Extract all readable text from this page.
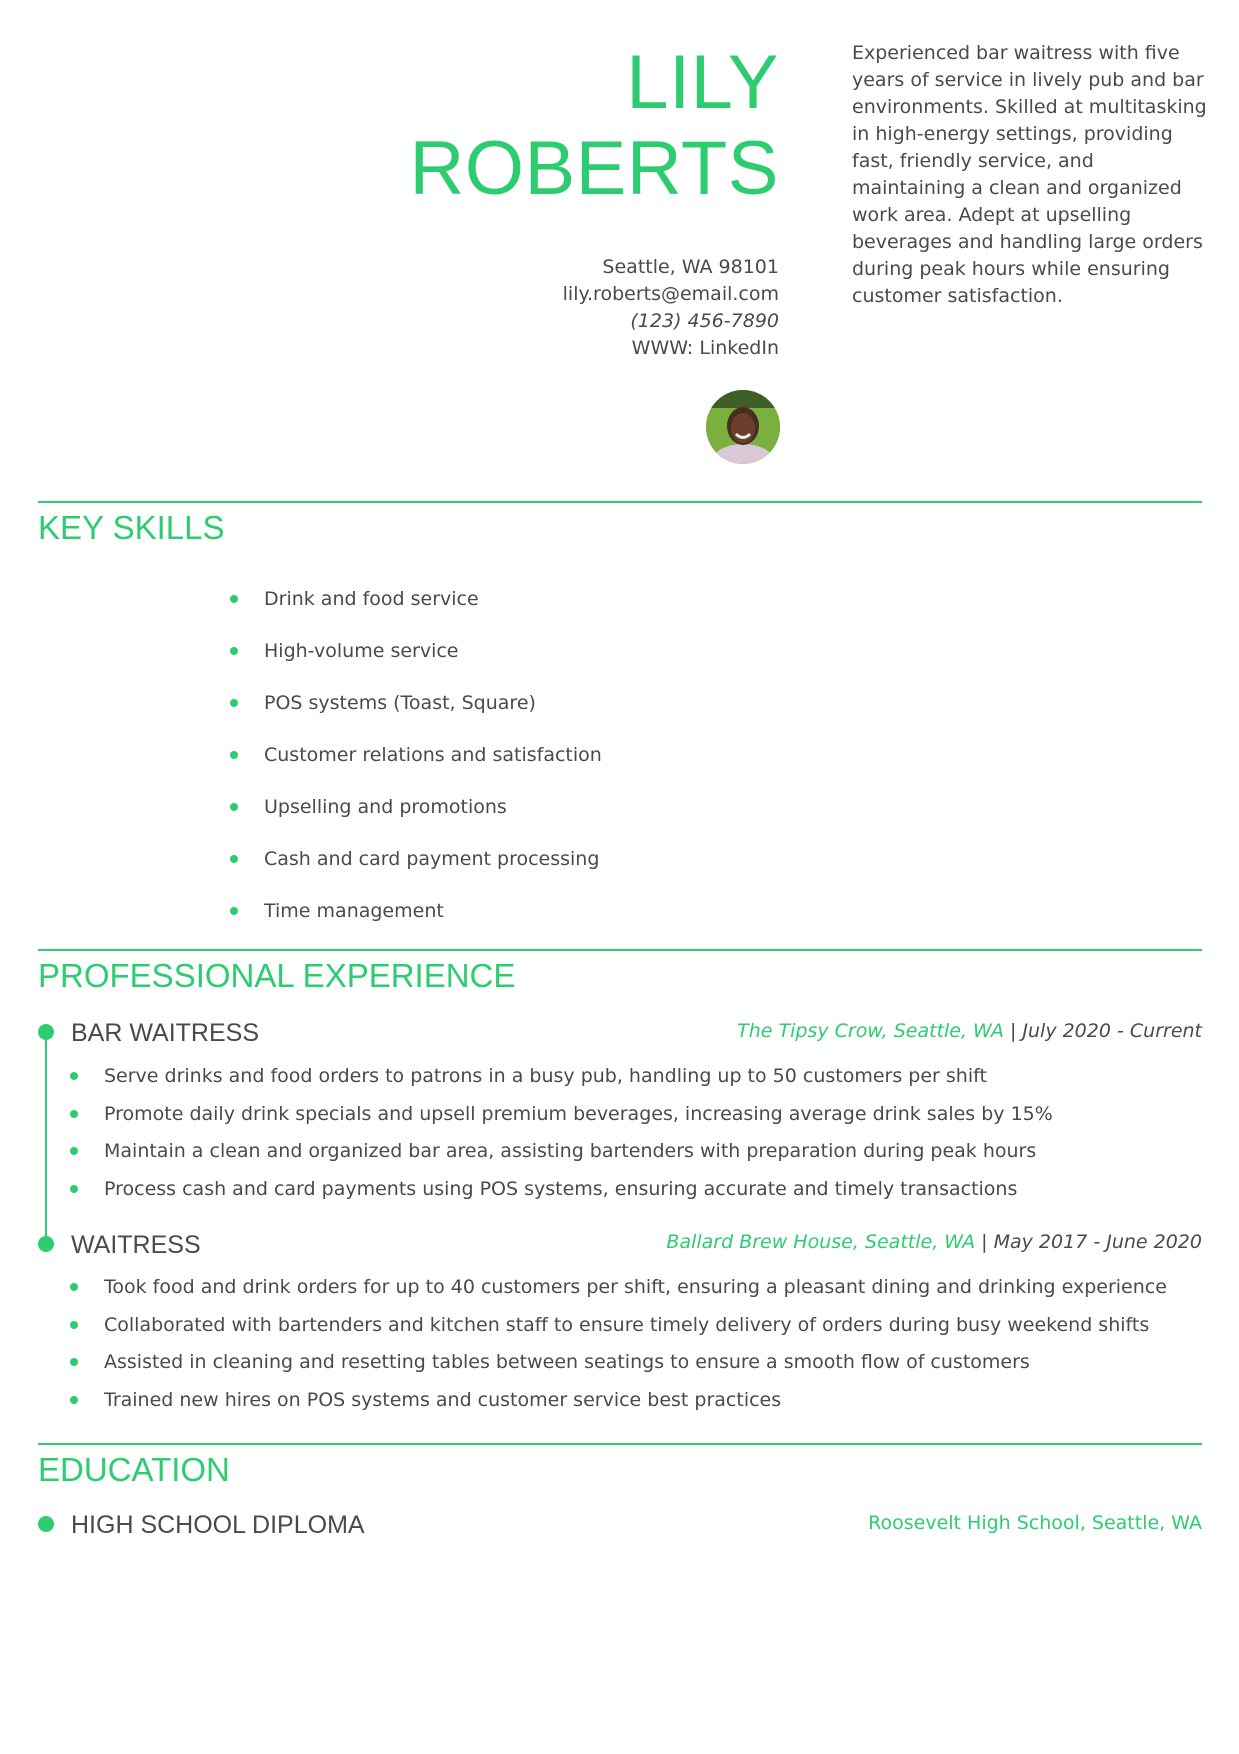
LILY
ROBERTS
Seattle, WA 98101
lily.roberts@email.com
(123) 456-7890
WWW: LinkedIn
Experienced bar waitress with five years of service in lively pub and bar environments. Skilled at multitasking in high-energy settings, providing fast, friendly service, and maintaining a clean and organized work area. Adept at upselling beverages and handling large orders during peak hours while ensuring customer satisfaction.
KEY SKILLS
Drink and food service
High-volume service
POS systems (Toast, Square)
Customer relations and satisfaction
Upselling and promotions
Cash and card payment processing
Time management
PROFESSIONAL EXPERIENCE
BAR WAITRESS	The Tipsy Crow, Seattle, WA | July 2020 - Current
Serve drinks and food orders to patrons in a busy pub, handling up to 50 customers per shift
Promote daily drink specials and upsell premium beverages, increasing average drink sales by 15%
Maintain a clean and organized bar area, assisting bartenders with preparation during peak hours
Process cash and card payments using POS systems, ensuring accurate and timely transactions
WAITRESS	Ballard Brew House, Seattle, WA | May 2017 - June 2020
Took food and drink orders for up to 40 customers per shift, ensuring a pleasant dining and drinking experience
Collaborated with bartenders and kitchen staff to ensure timely delivery of orders during busy weekend shifts
Assisted in cleaning and resetting tables between seatings to ensure a smooth flow of customers
Trained new hires on POS systems and customer service best practices
EDUCATION
HIGH SCHOOL DIPLOMA	Roosevelt High School, Seattle, WA
